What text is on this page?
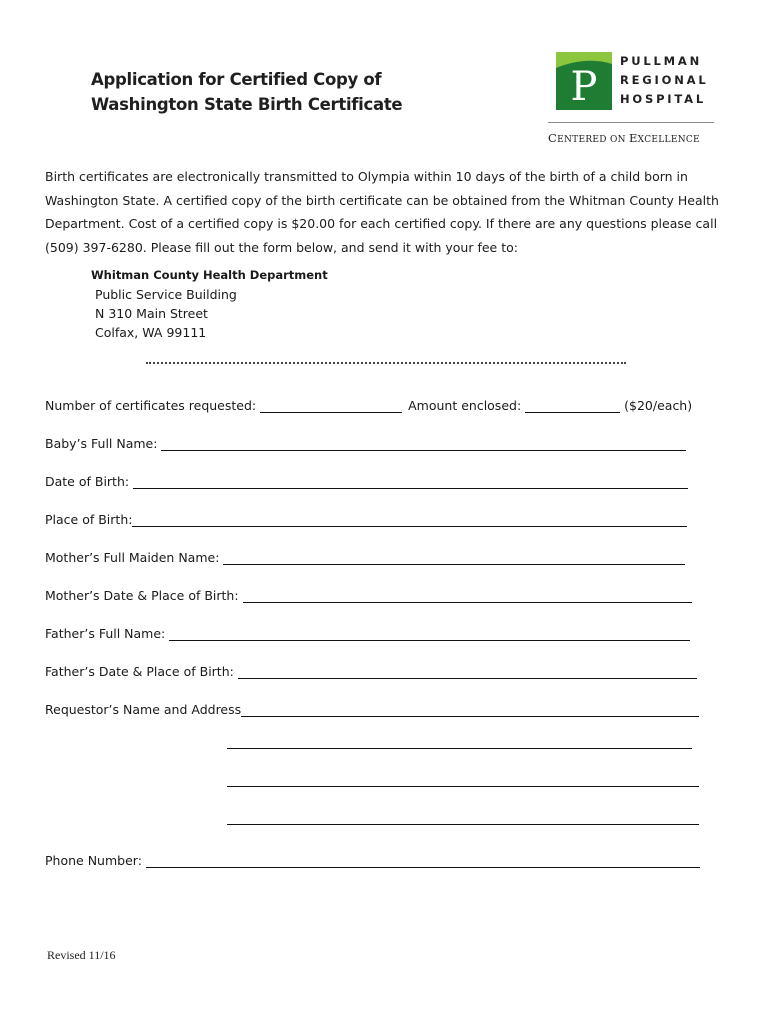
Application for Certified Copy of
Washington State Birth Certificate	P
PULLMAN
REGIONAL
HOSPITAL
CENTERED ON EXCELLENCE

Birth certificates are electronically transmitted to Olympia within 10 days of the birth of a child born in

Washington State. A certified copy of the birth certificate can be obtained from the Whitman County Health

Department. Cost of a certified copy is $20.00 for each certified copy. If there are any questions please call

(509) 397-6280. Please fill out the form below, and send it with your fee to:

Whitman County Health Department
Public Service Building
N 310 Main Street
Colfax, WA 99111
Number of certificates requested:	Amount enclosed:	($20/each)
Baby’s Full Name:
Date of Birth:
Place of Birth:
Mother’s Full Maiden Name:
Mother’s Date & Place of Birth:
Father’s Full Name:
Father’s Date & Place of Birth:
Requestor’s Name and Address
Phone Number:
Revised 11/16
